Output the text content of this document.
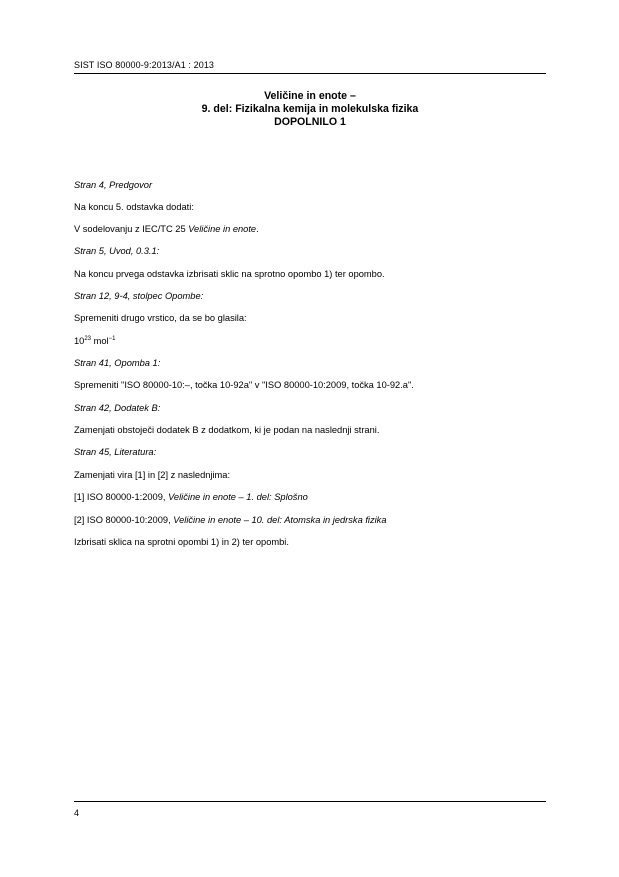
SIST ISO 80000-9:2013/A1 : 2013
Veličine in enote –
9. del: Fizikalna kemija in molekulska fizika
DOPOLNILO 1
Stran 4, Predgovor
Na koncu 5. odstavka dodati:
V sodelovanju z IEC/TC 25 Veličine in enote.
Stran 5, Uvod, 0.3.1:
Na koncu prvega odstavka izbrisati sklic na sprotno opombo 1) ter opombo.
Stran 12, 9-4, stolpec Opombe:
Spremeniti drugo vrstico, da se bo glasila:
$10^{23}$ mol$^{-1}$
Stran 41, Opomba 1:
Spremeniti "ISO 80000-10:–, točka 10-92a" v "ISO 80000-10:2009, točka 10-92.a".
Stran 42, Dodatek B:
Zamenjati obstoječi dodatek B z dodatkom, ki je podan na naslednji strani.
Stran 45, Literatura:
Zamenjati vira [1] in [2] z naslednjima:
[1] ISO 80000-1:2009, Veličine in enote – 1. del: Splošno
[2] ISO 80000-10:2009, Veličine in enote – 10. del: Atomska in jedrska fizika
Izbrisati sklica na sprotni opombi 1) in 2) ter opombi.
4
